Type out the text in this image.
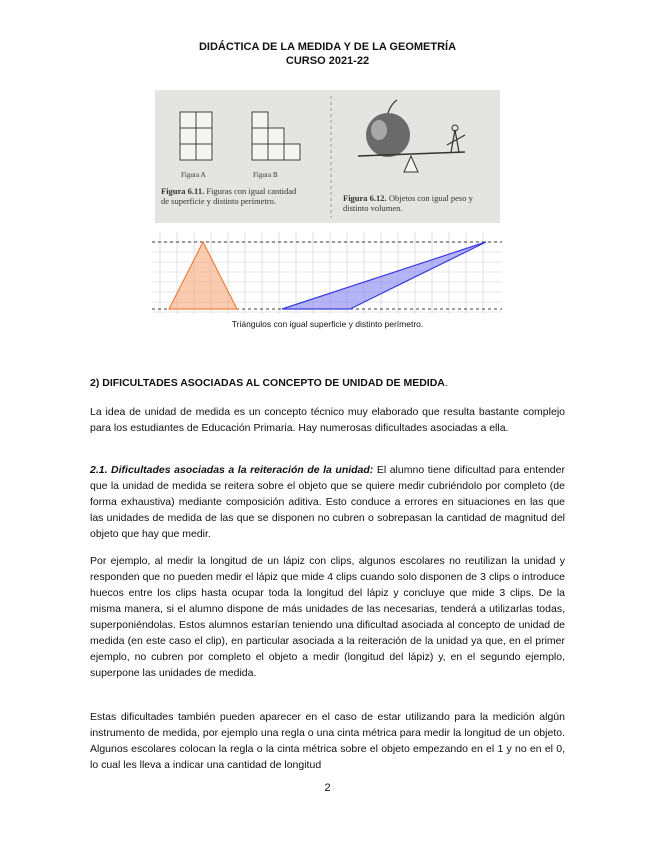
DIDÁCTICA DE LA MEDIDA Y DE LA GEOMETRÍA
CURSO 2021-22
Figura A	Figura B
Figura 6.11. Figuras con igual cantidad
de superficie y distinto perímetro.	Figura 6.12. Objetos con igual peso y
distinto volumen.
Triángulos con igual superficie y distinto perímetro.
2) DIFICULTADES ASOCIADAS AL CONCEPTO DE UNIDAD DE MEDIDA.
La idea de unidad de medida es un concepto técnico muy elaborado que resulta bastante complejo para los estudiantes de Educación Primaria. Hay numerosas dificultades asociadas a ella.
2.1. Dificultades asociadas a la reiteración de la unidad: El alumno tiene dificultad para entender que la unidad de medida se reitera sobre el objeto que se quiere medir cubriéndolo por completo (de forma exhaustiva) mediante composición aditiva. Esto conduce a errores en situaciones en las que las unidades de medida de las que se disponen no cubren o sobrepasan la cantidad de magnitud del objeto que hay que medir.
Por ejemplo, al medir la longitud de un lápiz con clips, algunos escolares no reutilizan la unidad y responden que no pueden medir el lápiz que mide 4 clips cuando solo disponen de 3 clips o introduce huecos entre los clips hasta ocupar toda la longitud del lápiz y concluye que mide 3 clips. De la misma manera, si el alumno dispone de más unidades de las necesarias, tenderá a utilizarlas todas, superponiéndolas. Estos alumnos estarían teniendo una dificultad asociada al concepto de unidad de medida (en este caso el clip), en particular asociada a la reiteración de la unidad ya que, en el primer ejemplo, no cubren por completo el objeto a medir (longitud del lápiz) y, en el segundo ejemplo, superpone las unidades de medida.
Estas dificultades también pueden aparecer en el caso de estar utilizando para la medición algún instrumento de medida, por ejemplo una regla o una cinta métrica para medir la longitud de un objeto. Algunos escolares colocan la regla o la cinta métrica sobre el objeto empezando en el 1 y no en el 0, lo cual les lleva a indicar una cantidad de longitud
2
